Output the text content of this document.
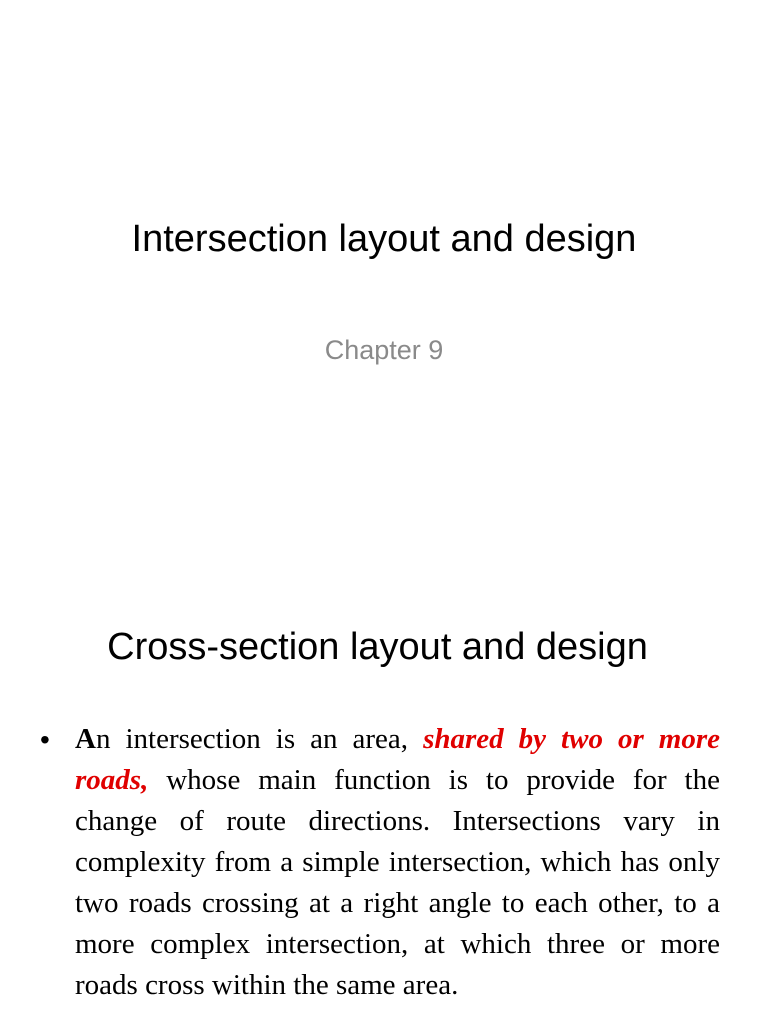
Intersection layout and design
Chapter 9
Cross-section layout and design
• An intersection is an area, shared by two or more roads, whose main function is to provide for the change of route directions. Intersections vary in complexity from a simple intersection, which has only two roads crossing at a right angle to each other, to a more complex intersection, at which three or more roads cross within the same area.
